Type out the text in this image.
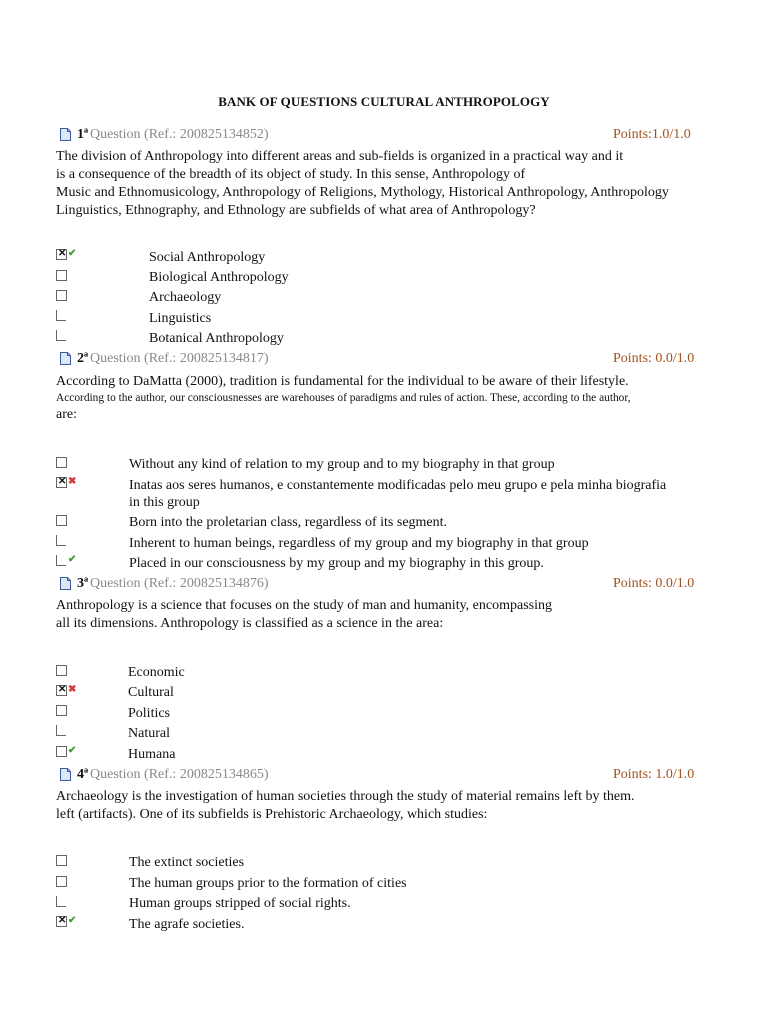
BANK OF QUESTIONS CULTURAL ANTHROPOLOGY
1ª Question (Ref.: 200825134852)	Points:1.0/1.0

The division of Anthropology into different areas and sub-fields is organized in a practical way and it

is a consequence of the breadth of its object of study. In this sense, Anthropology of

Music and Ethnomusicology, Anthropology of Religions, Mythology, Historical Anthropology, Anthropology

Linguistics, Ethnography, and Ethnology are subfields of what area of Anthropology?

✕ ✔	Social Anthropology
Biological Anthropology
Archaeology
Linguistics
Botanical Anthropology
2ª Question (Ref.: 200825134817)	Points: 0.0/1.0

According to DaMatta (2000), tradition is fundamental for the individual to be aware of their lifestyle.

According to the author, our consciousnesses are warehouses of paradigms and rules of action. These, according to the author,

are:

Without any kind of relation to my group and to my biography in that group
✕ ✖	Inatas aos seres humanos, e constantemente modificadas pelo meu grupo e pela minha biografia
in this group
Born into the proletarian class, regardless of its segment.
Inherent to human beings, regardless of my group and my biography in that group
✔	Placed in our consciousness by my group and my biography in this group.
3ª Question (Ref.: 200825134876)	Points: 0.0/1.0

Anthropology is a science that focuses on the study of man and humanity, encompassing

all its dimensions. Anthropology is classified as a science in the area:

Economic
✕ ✖	Cultural
Politics
Natural
✔	Humana
4ª Question (Ref.: 200825134865)	Points: 1.0/1.0

Archaeology is the investigation of human societies through the study of material remains left by them.

left (artifacts). One of its subfields is Prehistoric Archaeology, which studies:

The extinct societies
The human groups prior to the formation of cities
Human groups stripped of social rights.
✕ ✔	The agrafe societies.
